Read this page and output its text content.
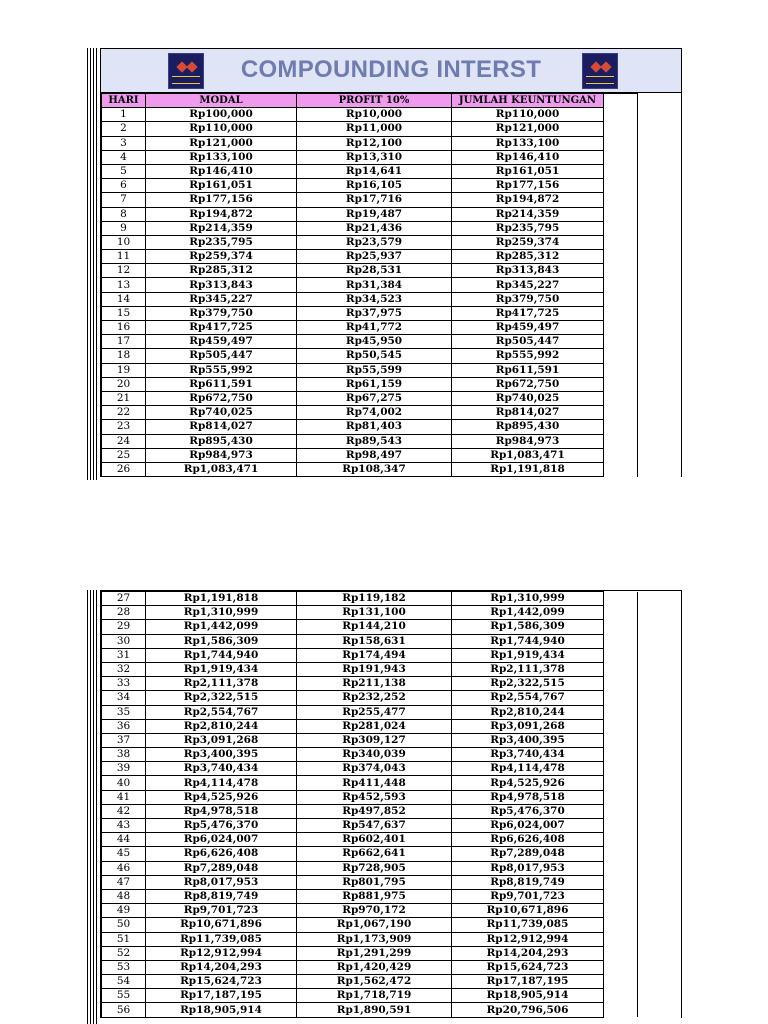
COMPOUNDING INTERST
HARI	MODAL	PROFIT 10%	JUMLAH KEUNTUNGAN	
1	Rp100,000	Rp10,000	Rp110,000	
2	Rp110,000	Rp11,000	Rp121,000	
3	Rp121,000	Rp12,100	Rp133,100	
4	Rp133,100	Rp13,310	Rp146,410	
5	Rp146,410	Rp14,641	Rp161,051	
6	Rp161,051	Rp16,105	Rp177,156	
7	Rp177,156	Rp17,716	Rp194,872	
8	Rp194,872	Rp19,487	Rp214,359	
9	Rp214,359	Rp21,436	Rp235,795	
10	Rp235,795	Rp23,579	Rp259,374	
11	Rp259,374	Rp25,937	Rp285,312	
12	Rp285,312	Rp28,531	Rp313,843	
13	Rp313,843	Rp31,384	Rp345,227	
14	Rp345,227	Rp34,523	Rp379,750	
15	Rp379,750	Rp37,975	Rp417,725	
16	Rp417,725	Rp41,772	Rp459,497	
17	Rp459,497	Rp45,950	Rp505,447	
18	Rp505,447	Rp50,545	Rp555,992	
19	Rp555,992	Rp55,599	Rp611,591	
20	Rp611,591	Rp61,159	Rp672,750	
21	Rp672,750	Rp67,275	Rp740,025	
22	Rp740,025	Rp74,002	Rp814,027	
23	Rp814,027	Rp81,403	Rp895,430	
24	Rp895,430	Rp89,543	Rp984,973	
25	Rp984,973	Rp98,497	Rp1,083,471	
26	Rp1,083,471	Rp108,347	Rp1,191,818	
27	Rp1,191,818	Rp119,182	Rp1,310,999	
28	Rp1,310,999	Rp131,100	Rp1,442,099	
29	Rp1,442,099	Rp144,210	Rp1,586,309	
30	Rp1,586,309	Rp158,631	Rp1,744,940	
31	Rp1,744,940	Rp174,494	Rp1,919,434	
32	Rp1,919,434	Rp191,943	Rp2,111,378	
33	Rp2,111,378	Rp211,138	Rp2,322,515	
34	Rp2,322,515	Rp232,252	Rp2,554,767	
35	Rp2,554,767	Rp255,477	Rp2,810,244	
36	Rp2,810,244	Rp281,024	Rp3,091,268	
37	Rp3,091,268	Rp309,127	Rp3,400,395	
38	Rp3,400,395	Rp340,039	Rp3,740,434	
39	Rp3,740,434	Rp374,043	Rp4,114,478	
40	Rp4,114,478	Rp411,448	Rp4,525,926	
41	Rp4,525,926	Rp452,593	Rp4,978,518	
42	Rp4,978,518	Rp497,852	Rp5,476,370	
43	Rp5,476,370	Rp547,637	Rp6,024,007	
44	Rp6,024,007	Rp602,401	Rp6,626,408	
45	Rp6,626,408	Rp662,641	Rp7,289,048	
46	Rp7,289,048	Rp728,905	Rp8,017,953	
47	Rp8,017,953	Rp801,795	Rp8,819,749	
48	Rp8,819,749	Rp881,975	Rp9,701,723	
49	Rp9,701,723	Rp970,172	Rp10,671,896	
50	Rp10,671,896	Rp1,067,190	Rp11,739,085	
51	Rp11,739,085	Rp1,173,909	Rp12,912,994	
52	Rp12,912,994	Rp1,291,299	Rp14,204,293	
53	Rp14,204,293	Rp1,420,429	Rp15,624,723	
54	Rp15,624,723	Rp1,562,472	Rp17,187,195	
55	Rp17,187,195	Rp1,718,719	Rp18,905,914	
56	Rp18,905,914	Rp1,890,591	Rp20,796,506	
